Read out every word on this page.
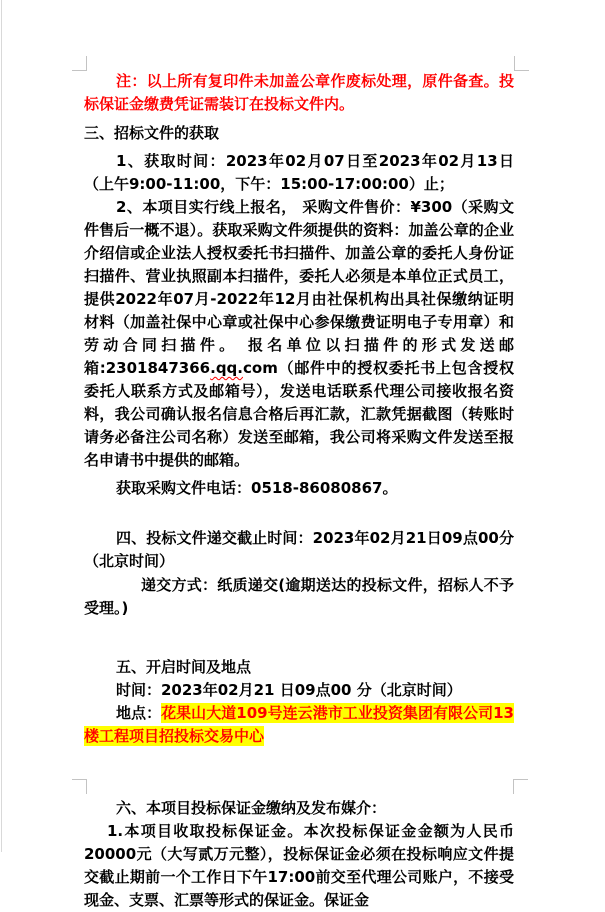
注：以上所有复印件未加盖公章作废标处理，原件备查。投标保证金缴费凭证需装订在投标文件内。

三、招标文件的获取

1、获取时间：2023年02月07日至2023年02月13日（上午9:00-11:00，下午：15:00-17:00:00）止；

2、本项目实行线上报名， 采购文件售价：¥300（采购文件售后一概不退）。获取采购文件须提供的资料：加盖公章的企业介绍信或企业法人授权委托书扫描件、加盖公章的委托人身份证扫描件、营业执照副本扫描件，委托人必须是本单位正式员工，提供2022年07月-2022年12月由社保机构出具社保缴纳证明材料（加盖社保中心章或社保中心参保缴费证明电子专用章）和劳动合同扫描件。 报名单位以扫描件的形式发送邮箱:2301847366.qq.com（邮件中的授权委托书上包含授权委托人联系方式及邮箱号），发送电话联系代理公司接收报名资料，我公司确认报名信息合格后再汇款，汇款凭据截图（转账时请务必备注公司名称）发送至邮箱，我公司将采购文件发送至报名申请书中提供的邮箱。

获取采购文件电话：0518-86080867。

四、投标文件递交截止时间：2023年02月21日09点00分（北京时间）

递交方式：纸质递交(逾期送达的投标文件，招标人不予受理。)

五、开启时间及地点

时间：2023年02月21 日09点00 分（北京时间）

地点：花果山大道109号连云港市工业投资集团有限公司13楼工程项目招投标交易中心

六、本项目投标保证金缴纳及发布媒介：

1.本项目收取投标保证金。本次投标保证金金额为人民币20000元（大写贰万元整），投标保证金必须在投标响应文件提交截止期前一个工作日下午17:00前交至代理公司账户，不接受现金、支票、汇票等形式的保证金。保证金
